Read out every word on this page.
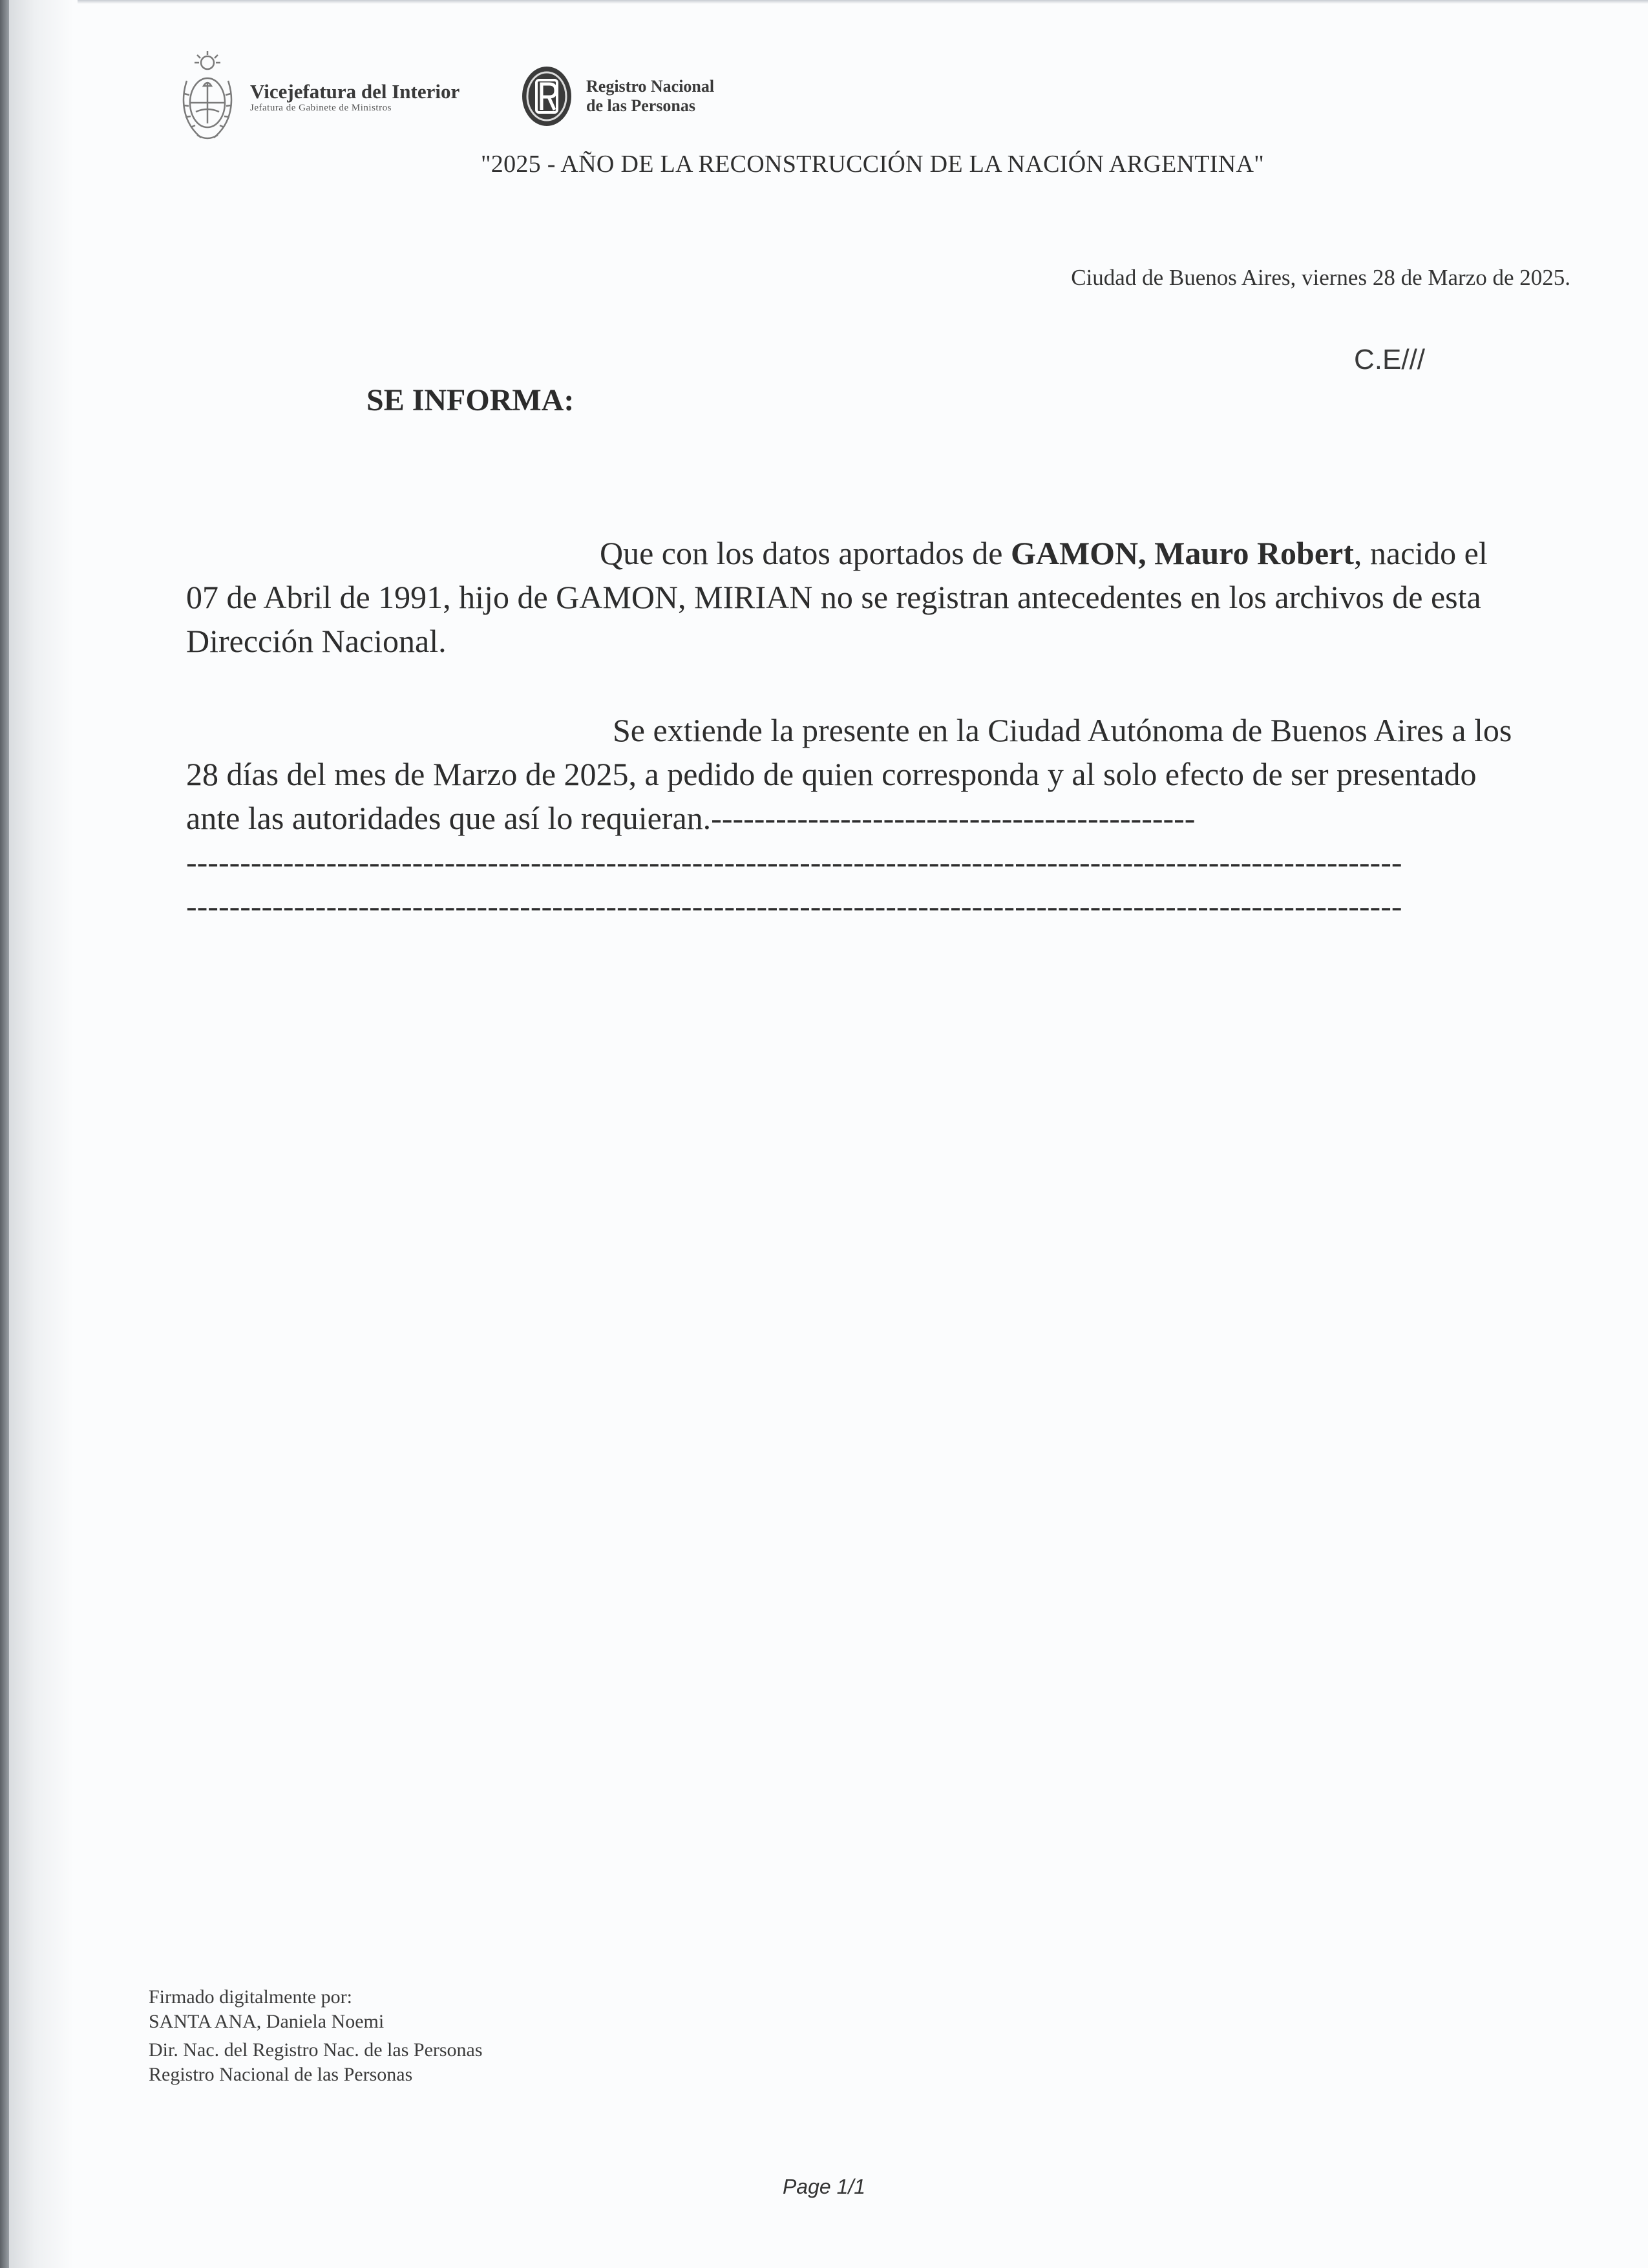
Vicejefatura del Interior
Jefatura de Gabinete de Ministros
Registro Nacional
de las Personas
"2025 - AÑO DE LA RECONSTRUCCIÓN DE LA NACIÓN ARGENTINA"
Ciudad de Buenos Aires, viernes 28 de Marzo de 2025.
C.E///
SE INFORMA:
Que con los datos aportados de GAMON, Mauro Robert, nacido el 07 de Abril de 1991, hijo de GAMON, MIRIAN no se registran antecedentes en los archivos de esta Dirección Nacional.
Se extiende la presente en la Ciudad Autónoma de Buenos Aires a los 28 días del mes de Marzo de 2025, a pedido de quien corresponda y al solo efecto de ser presentado ante las autoridades que así lo requieran.---------------------------------------------
-----------------------------------------------------------------------------------------------------------------
-----------------------------------------------------------------------------------------------------------------
Firmado digitalmente por:
SANTA ANA, Daniela Noemi
Dir. Nac. del Registro Nac. de las Personas
Registro Nacional de las Personas
Page 1/1
